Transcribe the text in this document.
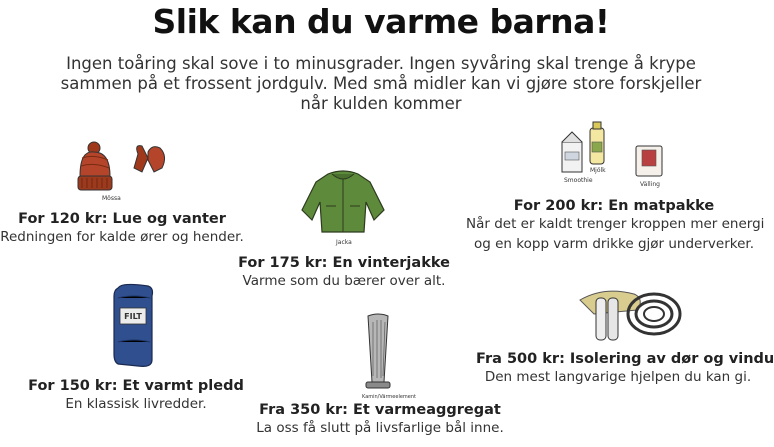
Slik kan du varme barna!
Ingen toåring skal sove i to minusgrader. Ingen syvåring skal trenge å krype sammen på et frossent jordgulv. Med små midler kan vi gjøre store forskjeller når kulden kommer
Mössa
For 120 kr: Lue og vanter
Redningen for kalde ører og hender.	Jacka
For 175 kr: En vinterjakke
Varme som du bærer over alt.
Smoothie
Mjölk
Välling
For 200 kr: En matpakke
Når det er kaldt trenger kroppen mer energi
og en kopp varm drikke gjør underverker.
FILT
For 150 kr: Et varmt pledd
En klassisk livredder.	Kamin/Värmeelement
Fra 350 kr: Et varmeaggregat
La oss få slutt på livsfarlige bål inne.
Fra 500 kr: Isolering av dør og vindu
Den mest langvarige hjelpen du kan gi.
